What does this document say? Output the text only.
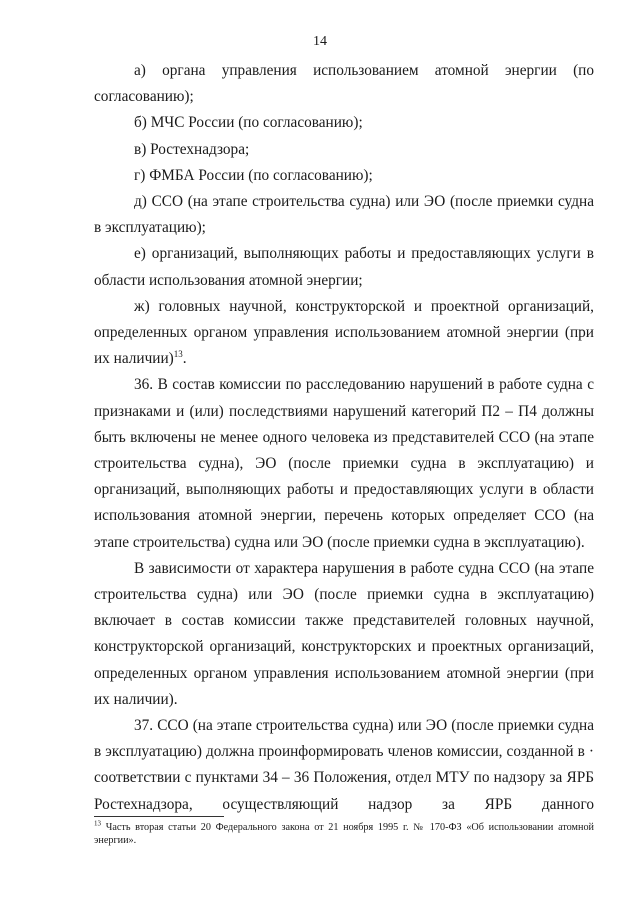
14

а) органа управления использованием атомной энергии (по согласованию);

б) МЧС России (по согласованию);

в) Ростехнадзора;

г) ФМБА России (по согласованию);

д) ССО (на этапе строительства судна) или ЭО (после приемки судна в эксплуатацию);

е) организаций, выполняющих работы и предоставляющих услуги в области использования атомной энергии;

ж) головных научной, конструкторской и проектной организаций, определенных органом управления использованием атомной энергии (при их наличии)$^{13}$.

36. В состав комиссии по расследованию нарушений в работе судна с признаками и (или) последствиями нарушений категорий П2 – П4 должны быть включены не менее одного человека из представителей ССО (на этапе строительства судна), ЭО (после приемки судна в эксплуатацию) и организаций, выполняющих работы и предоставляющих услуги в области использования атомной энергии, перечень которых определяет ССО (на этапе строительства) судна или ЭО (после приемки судна в эксплуатацию).

В зависимости от характера нарушения в работе судна ССО (на этапе строительства судна) или ЭО (после приемки судна в эксплуатацию) включает в состав комиссии также представителей головных научной, конструкторской организаций, конструкторских и проектных организаций, определенных органом управления использованием атомной энергии (при их наличии).

37. ССО (на этапе строительства судна) или ЭО (после приемки судна в эксплуатацию) должна проинформировать членов комиссии, созданной в · соответствии с пунктами 34 – 36 Положения, отдел МТУ по надзору за ЯРБ Ростехнадзора, осуществляющий надзор за ЯРБ данного

$^{13}$ Часть вторая статьи 20 Федерального закона от 21 ноября 1995 г. № 170-ФЗ «Об использовании атомной энергии».
